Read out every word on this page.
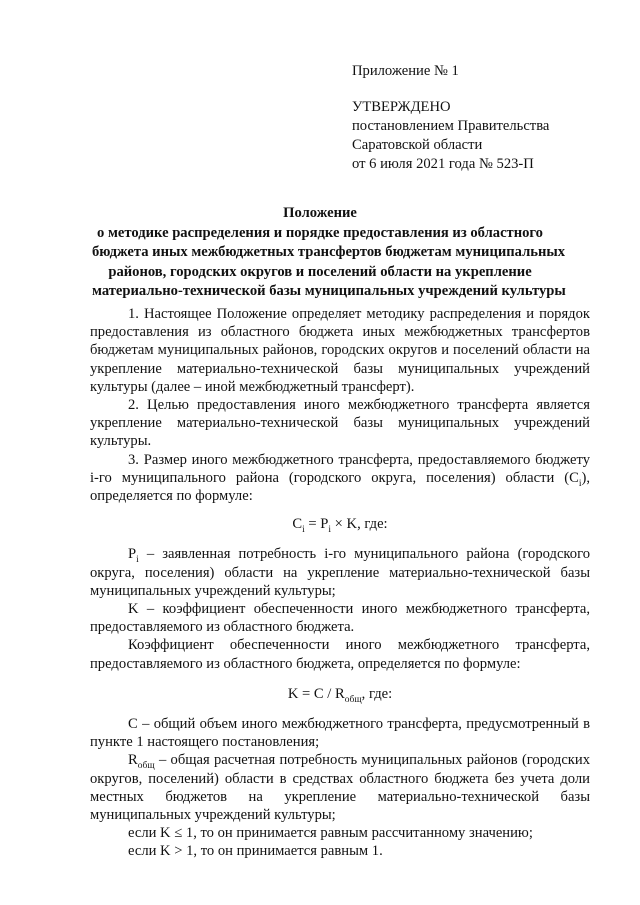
Приложение № 1
УТВЕРЖДЕНО
постановлением Правительства
Саратовской области
от 6 июля 2021 года № 523-П
Положение
о методике распределения и порядке предоставления из областного
бюджета иных межбюджетных трансфертов бюджетам муниципальных
районов, городских округов и поселений области на укрепление
материально-технической базы муниципальных учреждений культуры

1. Настоящее Положение определяет методику распределения и порядок предоставления из областного бюджета иных межбюджетных трансфертов бюджетам муниципальных районов, городских округов и поселений области на укрепление материально-технической базы муниципальных учреждений культуры (далее – иной межбюджетный трансферт).

2. Целью предоставления иного межбюджетного трансферта является укрепление материально-технической базы муниципальных учреждений культуры.

3. Размер иного межбюджетного трансферта, предоставляемого бюджету i-го муниципального района (городского округа, поселения) области $(C_i)$, определяется по формуле:

$C_i = P_i \times K$, где:

$P_i$ – заявленная потребность i-го муниципального района (городского округа, поселения) области на укрепление материально-технической базы муниципальных учреждений культуры;

K – коэффициент обеспеченности иного межбюджетного трансферта, предоставляемого из областного бюджета.

Коэффициент обеспеченности иного межбюджетного трансферта, предоставляемого из областного бюджета, определяется по формуле:

$K = C / R_{общ}$, где:

C – общий объем иного межбюджетного трансферта, предусмотренный в пункте 1 настоящего постановления;

$R_{общ}$ – общая расчетная потребность муниципальных районов (городских округов, поселений) области в средствах областного бюджета без учета доли местных бюджетов на укрепление материально-технической базы муниципальных учреждений культуры;

если K ≤ 1, то он принимается равным рассчитанному значению;

если K > 1, то он принимается равным 1.
